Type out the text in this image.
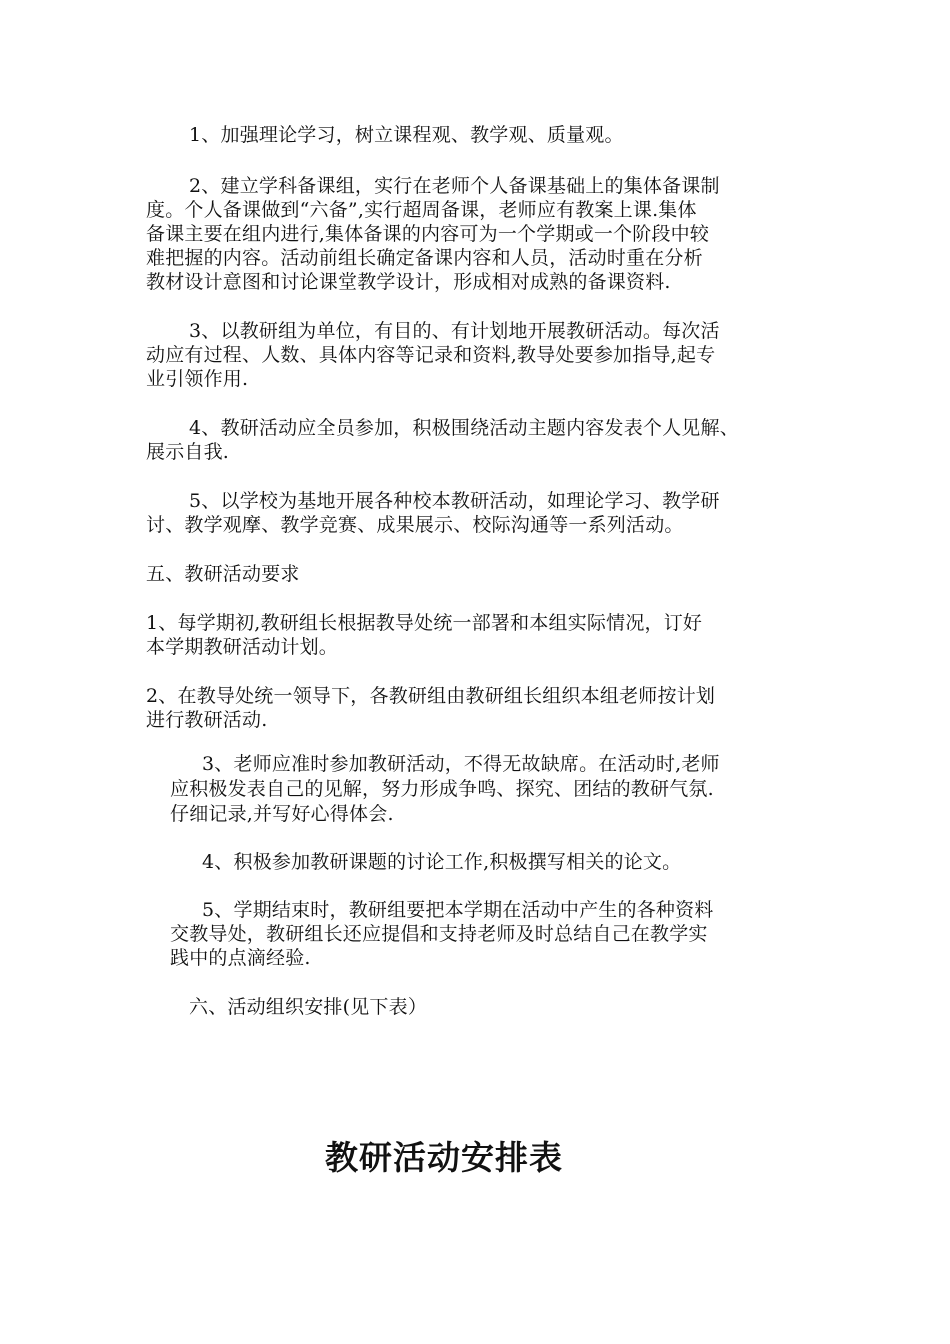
1、加强理论学习，树立课程观、教学观、质量观。
2、建立学科备课组，实行在老师个人备课基础上的集体备课制
度。个人备课做到“六备”,实行超周备课，老师应有教案上课.集体
备课主要在组内进行,集体备课的内容可为一个学期或一个阶段中较
难把握的内容。活动前组长确定备课内容和人员，活动时重在分析
教材设计意图和讨论课堂教学设计，形成相对成熟的备课资料.
3、以教研组为单位，有目的、有计划地开展教研活动。每次活
动应有过程、人数、具体内容等记录和资料,教导处要参加指导,起专
业引领作用.
4、教研活动应全员参加，积极围绕活动主题内容发表个人见解、
展示自我.
5、以学校为基地开展各种校本教研活动，如理论学习、教学研
讨、教学观摩、教学竞赛、成果展示、校际沟通等一系列活动。
五、教研活动要求
1、每学期初,教研组长根据教导处统一部署和本组实际情况，订好
本学期教研活动计划。
2、在教导处统一领导下，各教研组由教研组长组织本组老师按计划
进行教研活动.
3、老师应准时参加教研活动，不得无故缺席。在活动时,老师
应积极发表自己的见解，努力形成争鸣、探究、团结的教研气氛.
仔细记录,并写好心得体会.
4、积极参加教研课题的讨论工作,积极撰写相关的论文。
5、学期结束时，教研组要把本学期在活动中产生的各种资料
交教导处，教研组长还应提倡和支持老师及时总结自己在教学实
践中的点滴经验.
六、活动组织安排(见下表）
教研活动安排表
